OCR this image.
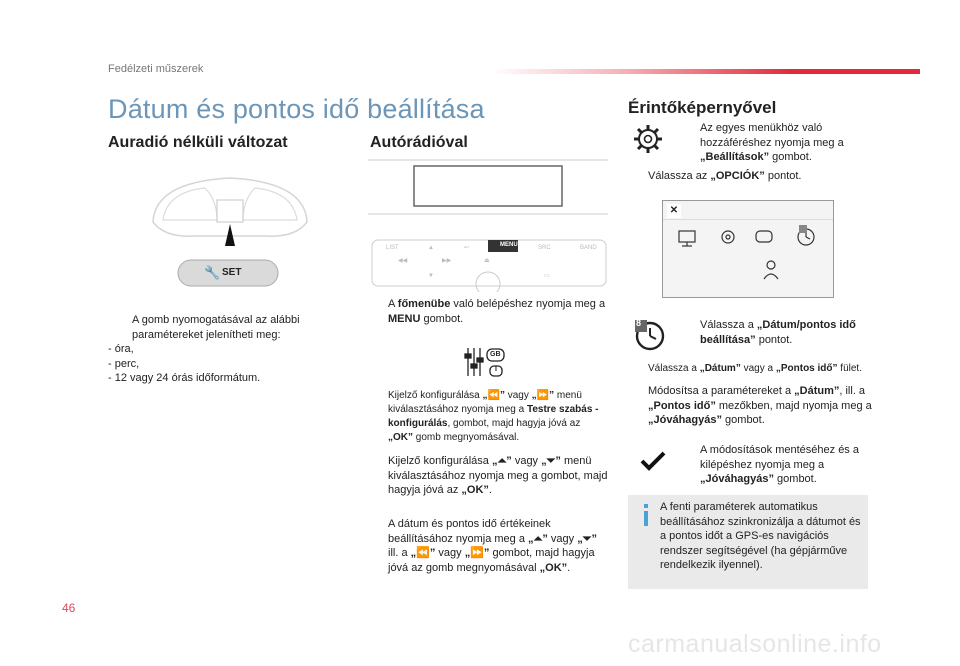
Fedélzeti műszerek
Dátum és pontos idő beállítása
Auradió nélküli változat
🔧 SET
A gomb nyomogatásával az alábbi paramétereket jelenítheti meg:
- óra,
- perc,
- 12 vagy 24 órás időformátum.
Autórádióval
LIST	▲	↩	SRC	BAND
◀◀	▶▶	⏏
▼	▭
MENU
A főmenübe való belépéshez nyomja meg a MENU gombot.
GB
I
Kijelző konfigurálása „⏪” vagy „⏩” menü kiválasztásához nyomja meg a Testre szabás - konfigurálás, gombot, majd hagyja jóvá az „OK” gomb megnyomásával.
Kijelző konfigurálása „⏶” vagy „⏷” menü kiválasztásához nyomja meg a gombot, majd hagyja jóvá az „OK”.
A dátum és pontos idő értékeinek beállításához nyomja meg a „⏶” vagy „⏷” ill. a „⏪” vagy „⏩” gombot, majd hagyja jóvá az gomb megnyomásával „OK”.
Érintőképernyővel
Az egyes menükhöz való hozzáféréshez nyomja meg a „Beállítások” gombot.
Válassza az „OPCIÓK” pontot.
✕
8	Válassza a „Dátum/pontos idő beállítása” pontot.
Válassza a „Dátum” vagy a „Pontos idő” fület.
Módosítsa a paramétereket a „Dátum”, ill. a „Pontos idő” mezőkben, majd nyomja meg a „Jóváhagyás” gombot.
A módosítások mentéséhez és a kilépéshez nyomja meg a „Jóváhagyás” gombot.
A fenti paraméterek automatikus beállításához szinkronizálja a dátumot és a pontos időt a GPS-es navigációs rendszer segítségével (ha gépjárműve rendelkezik ilyennel).
46
carmanualsonline.info
